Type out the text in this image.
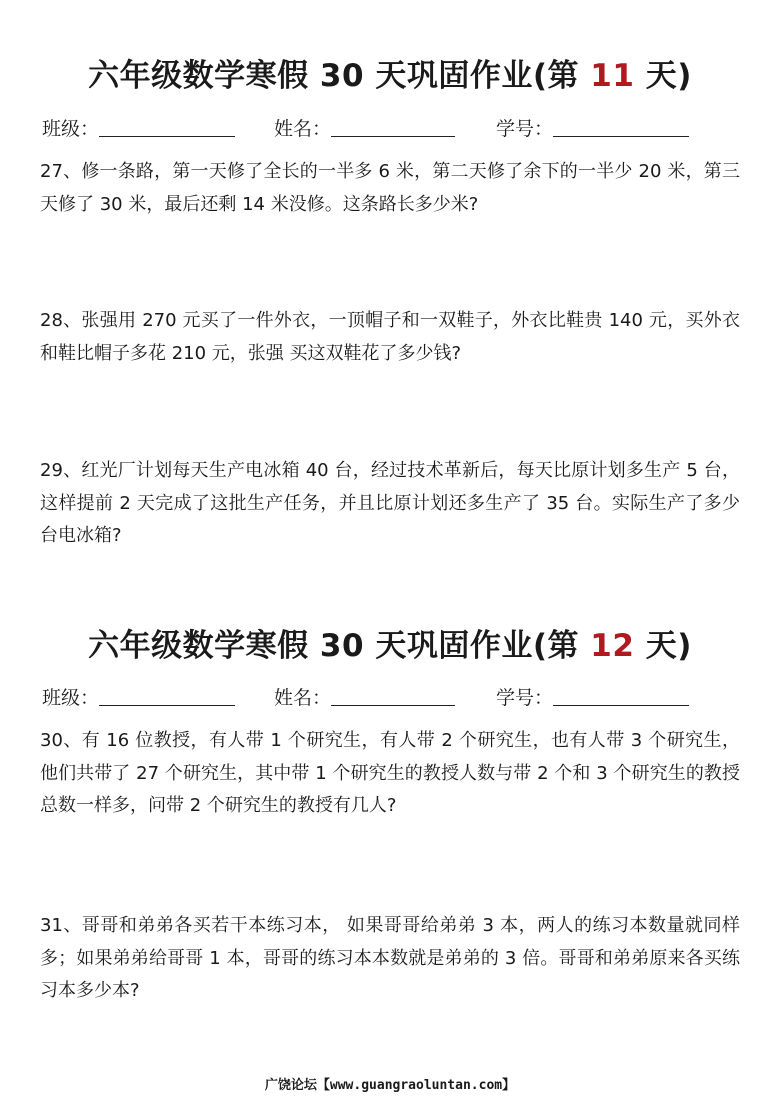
六年级数学寒假 30 天巩固作业(第 11 天)
班级：	姓名：	学号：
27、修一条路，第一天修了全长的一半多 6 米，第二天修了余下的一半少 20 米，第三天修了 30 米，最后还剩 14 米没修。这条路长多少米?
28、张强用 270 元买了一件外衣，一顶帽子和一双鞋子，外衣比鞋贵 140 元，买外衣和鞋比帽子多花 210 元，张强 买这双鞋花了多少钱?
29、红光厂计划每天生产电冰箱 40 台，经过技术革新后，每天比原计划多生产 5 台，这样提前 2 天完成了这批生产任务，并且比原计划还多生产了 35 台。实际生产了多少台电冰箱?
六年级数学寒假 30 天巩固作业(第 12 天)
班级：	姓名：	学号：
30、有 16 位教授，有人带 1 个研究生，有人带 2 个研究生，也有人带 3 个研究生，他们共带了 27 个研究生，其中带 1 个研究生的教授人数与带 2 个和 3 个研究生的教授总数一样多，问带 2 个研究生的教授有几人?
31、哥哥和弟弟各买若干本练习本， 如果哥哥给弟弟 3 本，两人的练习本数量就同样多；如果弟弟给哥哥 1 本，哥哥的练习本本数就是弟弟的 3 倍。哥哥和弟弟原来各买练习本多少本?
广饶论坛【www.guangraoluntan.com】
